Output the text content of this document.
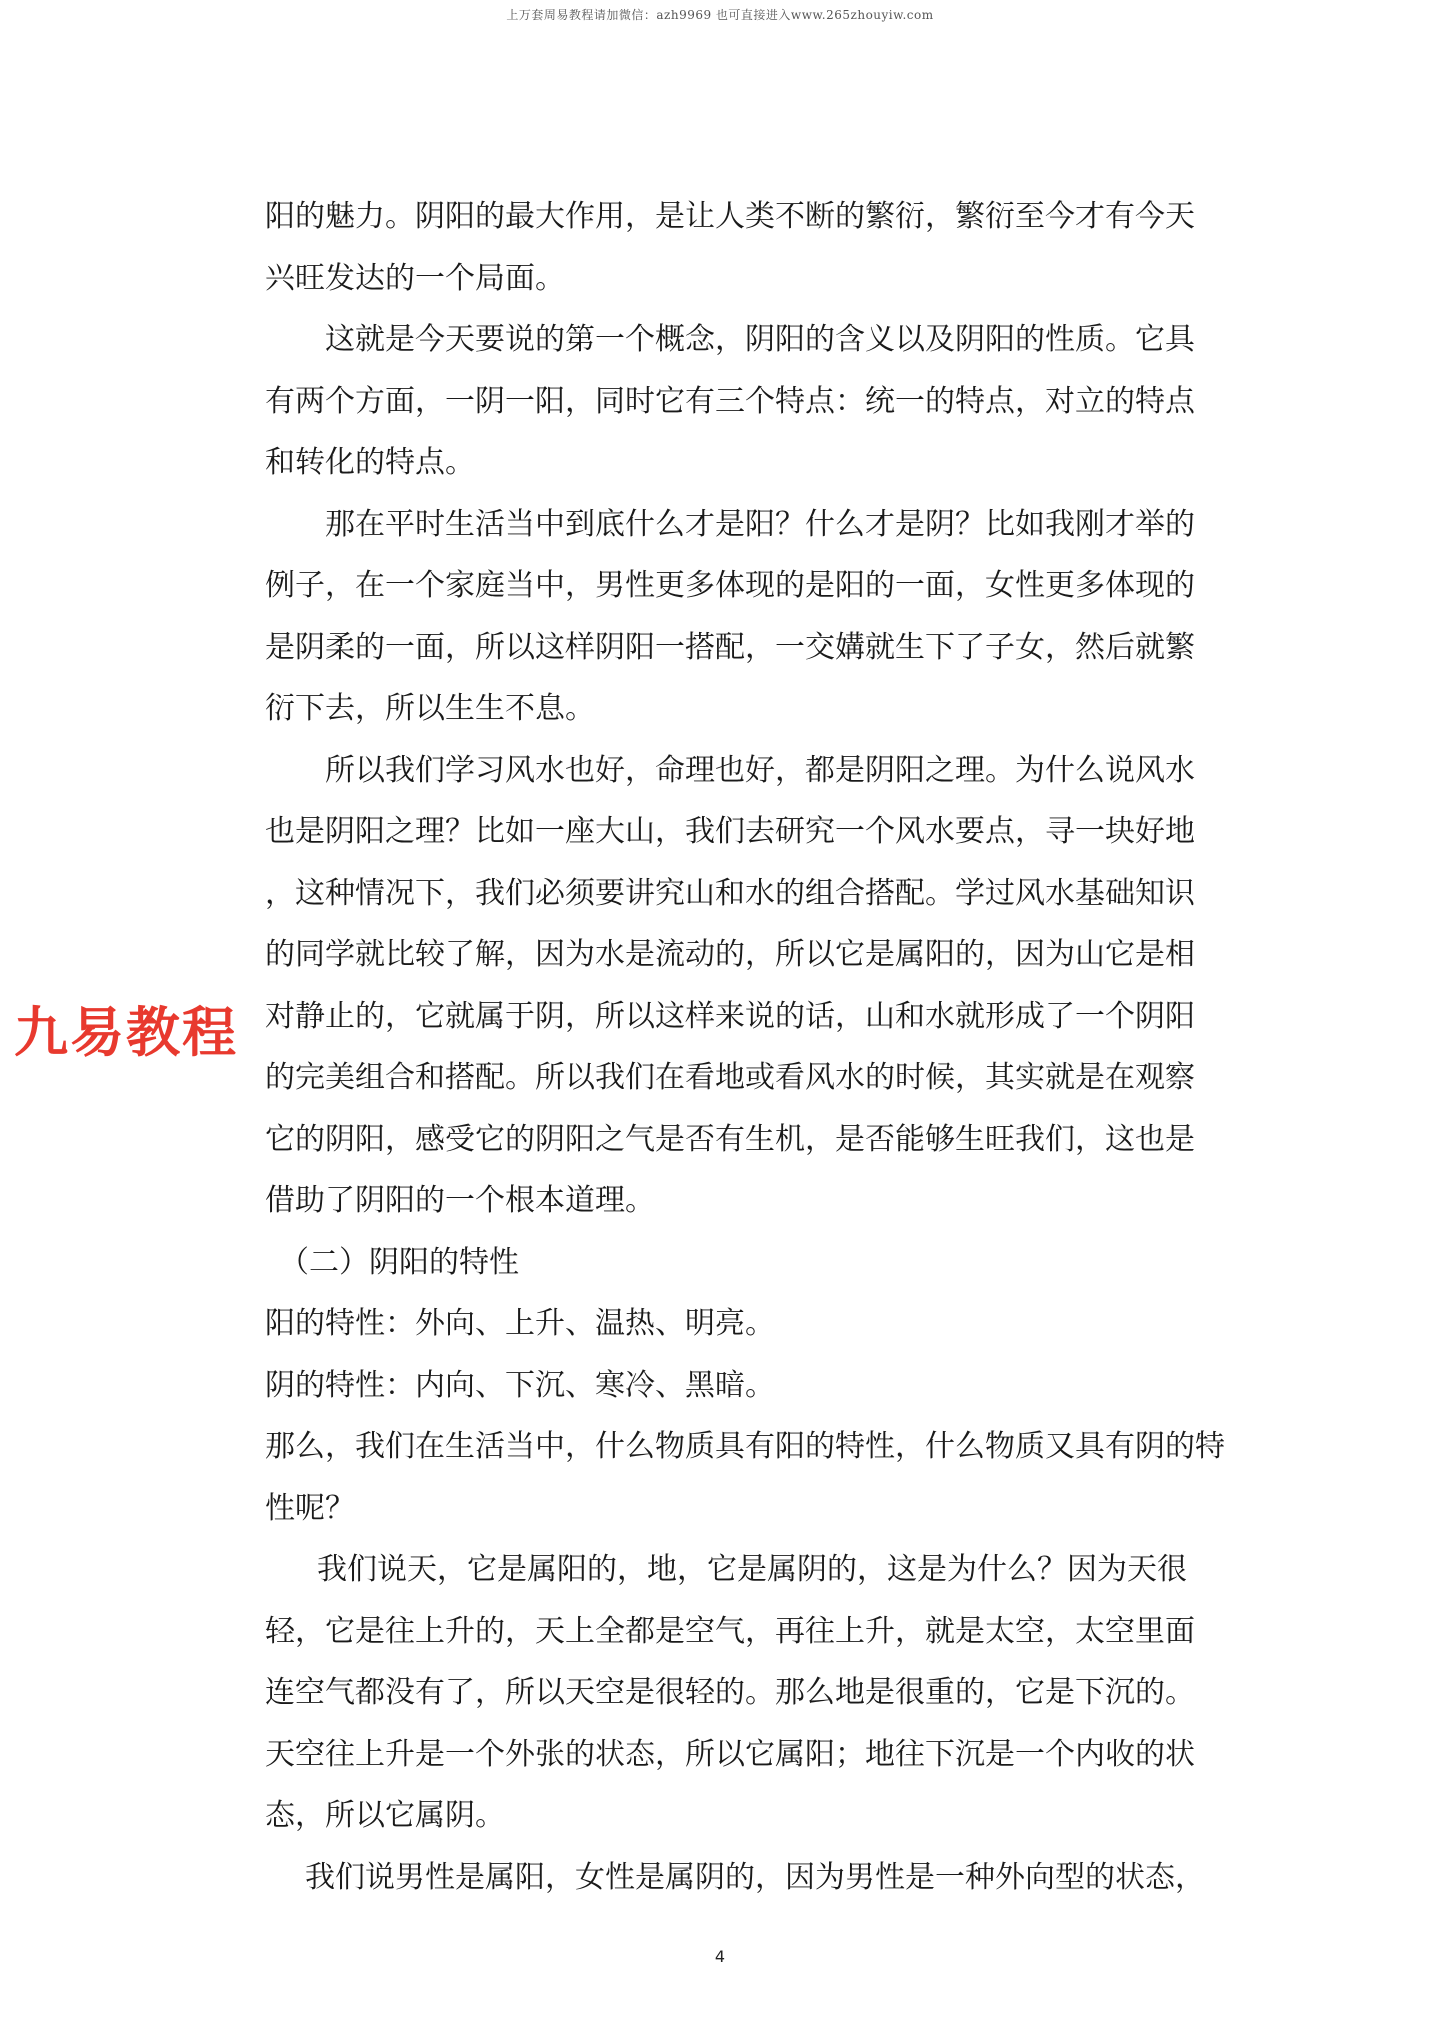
上万套周易教程请加微信：azh9969 也可直接进入www.265zhouyiw.com
九易教程
阳的魅力。阴阳的最大作用，是让人类不断的繁衍，繁衍至今才有今天
兴旺发达的一个局面。
这就是今天要说的第一个概念，阴阳的含义以及阴阳的性质。它具
有两个方面，一阴一阳，同时它有三个特点：统一的特点，对立的特点
和转化的特点。
那在平时生活当中到底什么才是阳？什么才是阴？比如我刚才举的
例子，在一个家庭当中，男性更多体现的是阳的一面，女性更多体现的
是阴柔的一面，所以这样阴阳一搭配，一交媾就生下了子女，然后就繁
衍下去，所以生生不息。
所以我们学习风水也好，命理也好，都是阴阳之理。为什么说风水
也是阴阳之理？比如一座大山，我们去研究一个风水要点，寻一块好地
，这种情况下，我们必须要讲究山和水的组合搭配。学过风水基础知识
的同学就比较了解，因为水是流动的，所以它是属阳的，因为山它是相
对静止的，它就属于阴，所以这样来说的话，山和水就形成了一个阴阳
的完美组合和搭配。所以我们在看地或看风水的时候，其实就是在观察
它的阴阳，感受它的阴阳之气是否有生机，是否能够生旺我们，这也是
借助了阴阳的一个根本道理。
（二）阴阳的特性
阳的特性：外向、上升、温热、明亮。
阴的特性：内向、下沉、寒冷、黑暗。
那么，我们在生活当中，什么物质具有阳的特性，什么物质又具有阴的特
性呢？
我们说天，它是属阳的，地，它是属阴的，这是为什么？因为天很
轻，它是往上升的，天上全都是空气，再往上升，就是太空，太空里面
连空气都没有了，所以天空是很轻的。那么地是很重的，它是下沉的。
天空往上升是一个外张的状态，所以它属阳；地往下沉是一个内收的状
态，所以它属阴。
我们说男性是属阳，女性是属阴的，因为男性是一种外向型的状态，
4
